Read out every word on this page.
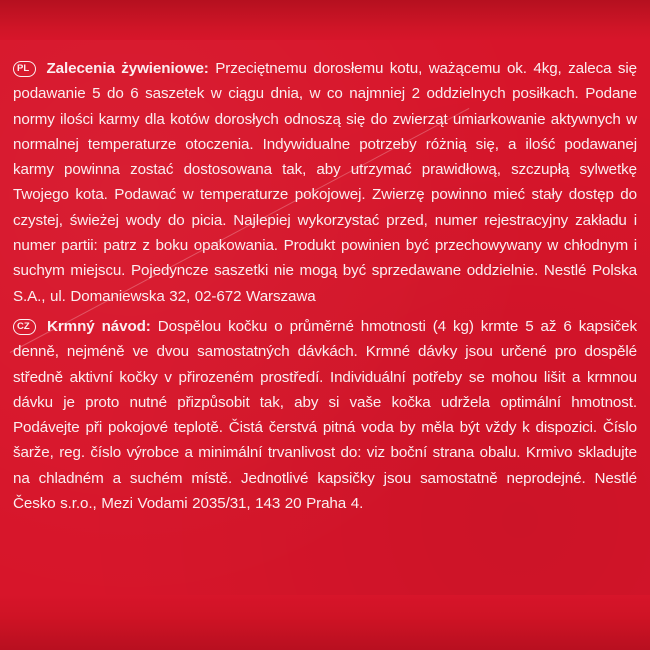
PL Zalecenia żywieniowe: Przeciętnemu dorosłemu kotu, ważącemu ok. 4kg, zaleca się podawanie 5 do 6 saszetek w ciągu dnia, w co najmniej 2 oddzielnych posiłkach. Podane normy ilości karmy dla kotów dorosłych odnoszą się do zwierząt umiarkowanie aktywnych w normalnej temperaturze otoczenia. Indywidualne potrzeby różnią się, a ilość podawanej karmy powinna zostać dostosowana tak, aby utrzymać prawidłową, szczupłą sylwetkę Twojego kota. Podawać w temperaturze pokojowej. Zwierzę powinno mieć stały dostęp do czystej, świeżej wody do picia. Najlepiej wykorzystać przed, numer rejestracyjny zakładu i numer partii: patrz z boku opakowania. Produkt powinien być przechowywany w chłodnym i suchym miejscu. Pojedyncze saszetki nie mogą być sprzedawane oddzielnie. Nestlé Polska S.A., ul. Domaniewska 32, 02-672 Warszawa

CZ Krmný návod: Dospělou kočku o průměrné hmotnosti (4 kg) krmte 5 až 6 kapsiček denně, nejméně ve dvou samostatných dávkách. Krmné dávky jsou určené pro dospělé středně aktivní kočky v přirozeném prostředí. Individuální potřeby se mohou lišit a krmnou dávku je proto nutné přizpůsobit tak, aby si vaše kočka udržela optimální hmotnost. Podávejte při pokojové teplotě. Čistá čerstvá pitná voda by měla být vždy k dispozici. Číslo šarže, reg. číslo výrobce a minimální trvanlivost do: viz boční strana obalu. Krmivo skladujte na chladném a suchém místě. Jednotlivé kapsičky jsou samostatně neprodejné. Nestlé Česko s.r.o., Mezi Vodami 2035/31, 143 20 Praha 4.
